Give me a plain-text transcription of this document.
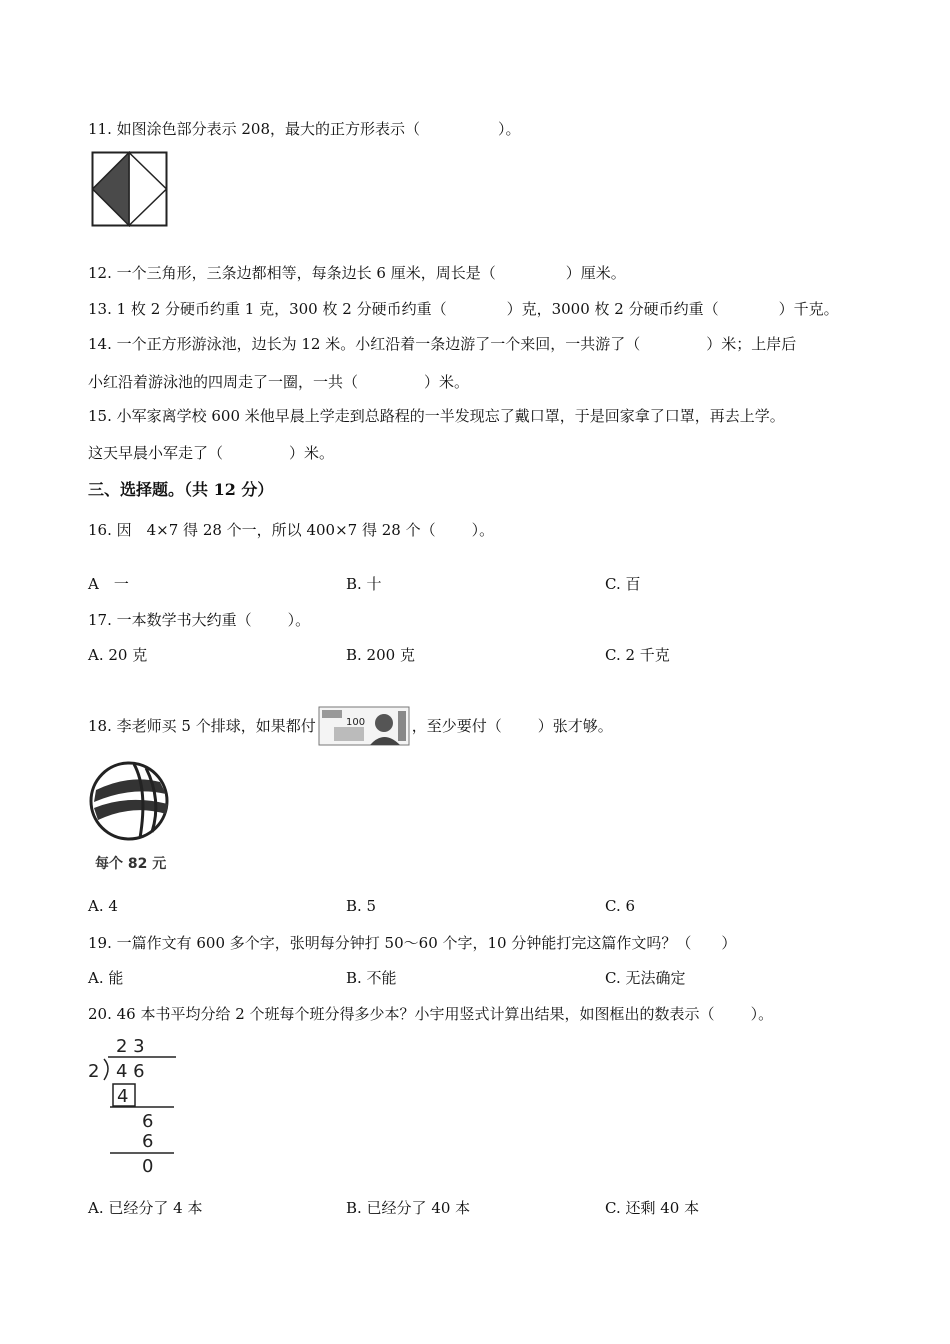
11. 如图涂色部分表示 208，最大的正方形表示（	）。
12. 一个三角形，三条边都相等，每条边长 6 厘米，周长是（	）厘米。
13. 1 枚 2 分硬币约重 1 克，300 枚 2 分硬币约重（	）克，3000 枚 2 分硬币约重（	）千克。
14. 一个正方形游泳池，边长为 12 米。小红沿着一条边游了一个来回，一共游了（	）米；上岸后
小红沿着游泳池的四周走了一圈，一共（	）米。
15. 小军家离学校 600 米他早晨上学走到总路程的一半发现忘了戴口罩，于是回家拿了口罩，再去上学。
这天早晨小军走了（	）米。
三、选择题。（共 12 分）
16. 因　4×7 得 28 个一，所以 400×7 得 28 个（ ）。
A　一	B. 十	C. 百
17. 一本数学书大约重（ ）。
A. 20 克	B. 200 克	C. 2 千克
18. 李老师买 5 个排球，如果都付	100	，至少要付（ ）张才够。
每个 82 元
A. 4	B. 5	C. 6
19. 一篇作文有 600 多个字，张明每分钟打 50～60 个字，10 分钟能打完这篇作文吗？（ ）
A. 能	B. 不能	C. 无法确定
20. 46 本书平均分给 2 个班每个班分得多少本？小宇用竖式计算出结果，如图框出的数表示（ ）。
2 3
2 4 6
4
6
6
0
A. 已经分了 4 本	B. 已经分了 40 本	C. 还剩 40 本
